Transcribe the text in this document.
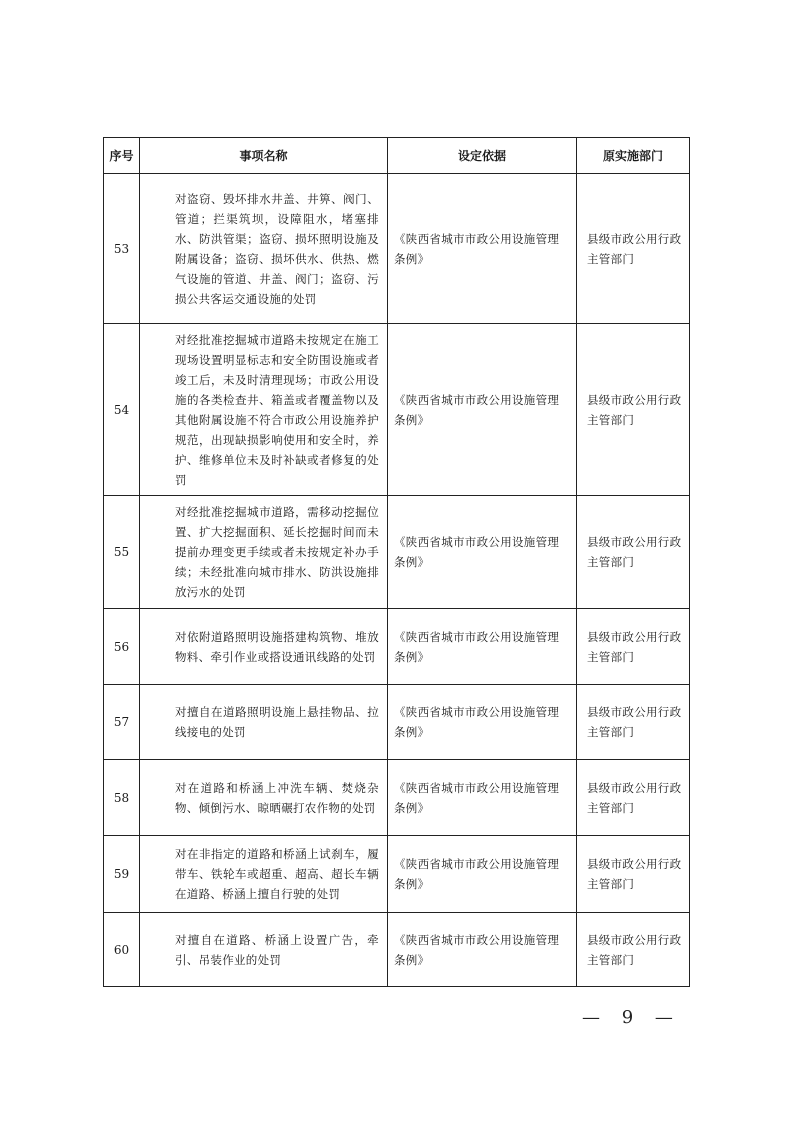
序号	事项名称	设定依据	原实施部门
53	对盗窃、毁坏排水井盖、井箅、阀门、管道；拦渠筑坝，设障阻水，堵塞排水、防洪管渠；盗窃、损坏照明设施及附属设备；盗窃、损坏供水、供热、燃气设施的管道、井盖、阀门；盗窃、污损公共客运交通设施的处罚	《陕西省城市市政公用设施管理条例》	县级市政公用行政主管部门
54	对经批准挖掘城市道路未按规定在施工现场设置明显标志和安全防围设施或者竣工后，未及时清理现场；市政公用设施的各类检查井、箱盖或者覆盖物以及其他附属设施不符合市政公用设施养护规范，出现缺损影响使用和安全时，养护、维修单位未及时补缺或者修复的处罚	《陕西省城市市政公用设施管理条例》	县级市政公用行政主管部门
55	对经批准挖掘城市道路，需移动挖掘位置、扩大挖掘面积、延长挖掘时间而未提前办理变更手续或者未按规定补办手续；未经批准向城市排水、防洪设施排放污水的处罚	《陕西省城市市政公用设施管理条例》	县级市政公用行政主管部门
56	对依附道路照明设施搭建构筑物、堆放物料、牵引作业或搭设通讯线路的处罚	《陕西省城市市政公用设施管理条例》	县级市政公用行政主管部门
57	对擅自在道路照明设施上悬挂物品、拉线接电的处罚	《陕西省城市市政公用设施管理条例》	县级市政公用行政主管部门
58	对在道路和桥涵上冲洗车辆、焚烧杂物、倾倒污水、晾晒碾打农作物的处罚	《陕西省城市市政公用设施管理条例》	县级市政公用行政主管部门
59	对在非指定的道路和桥涵上试刹车，履带车、铁轮车或超重、超高、超长车辆在道路、桥涵上擅自行驶的处罚	《陕西省城市市政公用设施管理条例》	县级市政公用行政主管部门
60	对擅自在道路、桥涵上设置广告，牵引、吊装作业的处罚	《陕西省城市市政公用设施管理条例》	县级市政公用行政主管部门
— 9 —
